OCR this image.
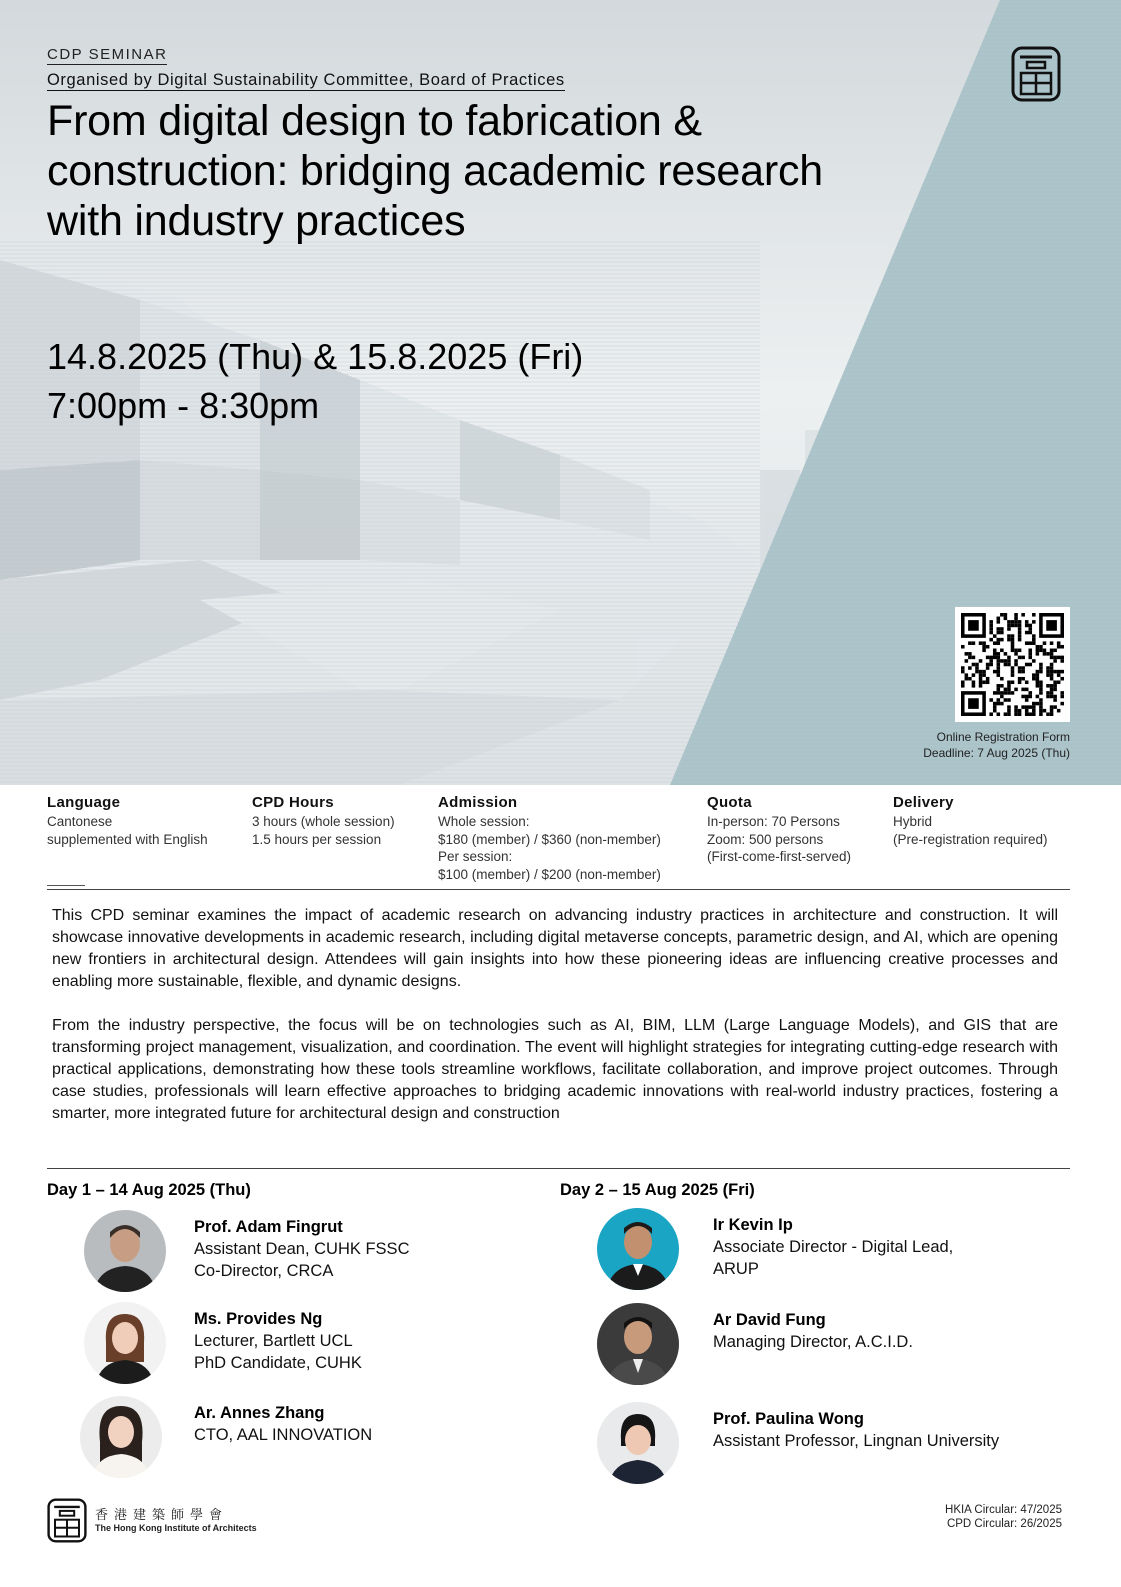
CDP SEMINAR
Organised by Digital Sustainability Committee, Board of Practices
From digital design to fabrication & construction: bridging academic research with industry practices
14.8.2025 (Thu) & 15.8.2025 (Fri)
7:00pm - 8:30pm
Online Registration Form
Deadline: 7 Aug 2025 (Thu)
Language
Cantonese
supplemented with English
CPD Hours
3 hours (whole session)
1.5 hours per session
Admission
Whole session:
$180 (member) / $360 (non-member)
Per session:
$100 (member) / $200 (non-member)
Quota
In-person: 70 Persons
Zoom: 500 persons
(First-come-first-served)
Delivery
Hybrid
(Pre-registration required)

This CPD seminar examines the impact of academic research on advancing industry practices in architecture and construction. It will showcase innovative developments in academic research, including digital metaverse concepts, parametric design, and AI, which are opening new frontiers in architectural design. Attendees will gain insights into how these pioneering ideas are influencing creative processes and enabling more sustainable, flexible, and dynamic designs.

From the industry perspective, the focus will be on technologies such as AI, BIM, LLM (Large Language Models), and GIS that are transforming project management, visualization, and coordination. The event will highlight strategies for integrating cutting-edge research with practical applications, demonstrating how these tools streamline workflows, facilitate collaboration, and improve project outcomes. Through case studies, professionals will learn effective approaches to bridging academic innovations with real-world industry practices, fostering a smarter, more integrated future for architectural design and construction

Day 1 – 14 Aug 2025 (Thu)	Day 2 – 15 Aug 2025 (Fri)
Prof. Adam Fingrut
Assistant Dean, CUHK FSSC
Co-Director, CRCA
Ms. Provides Ng
Lecturer, Bartlett UCL
PhD Candidate, CUHK
Ar. Annes Zhang
CTO, AAL INNOVATION
Ir Kevin Ip
Associate Director - Digital Lead,
ARUP
Ar David Fung
Managing Director, A.C.I.D.
Prof. Paulina Wong
Assistant Professor, Lingnan University
香港建築師學會
The Hong Kong Institute of Architects
HKIA Circular: 47/2025
CPD Circular: 26/2025
